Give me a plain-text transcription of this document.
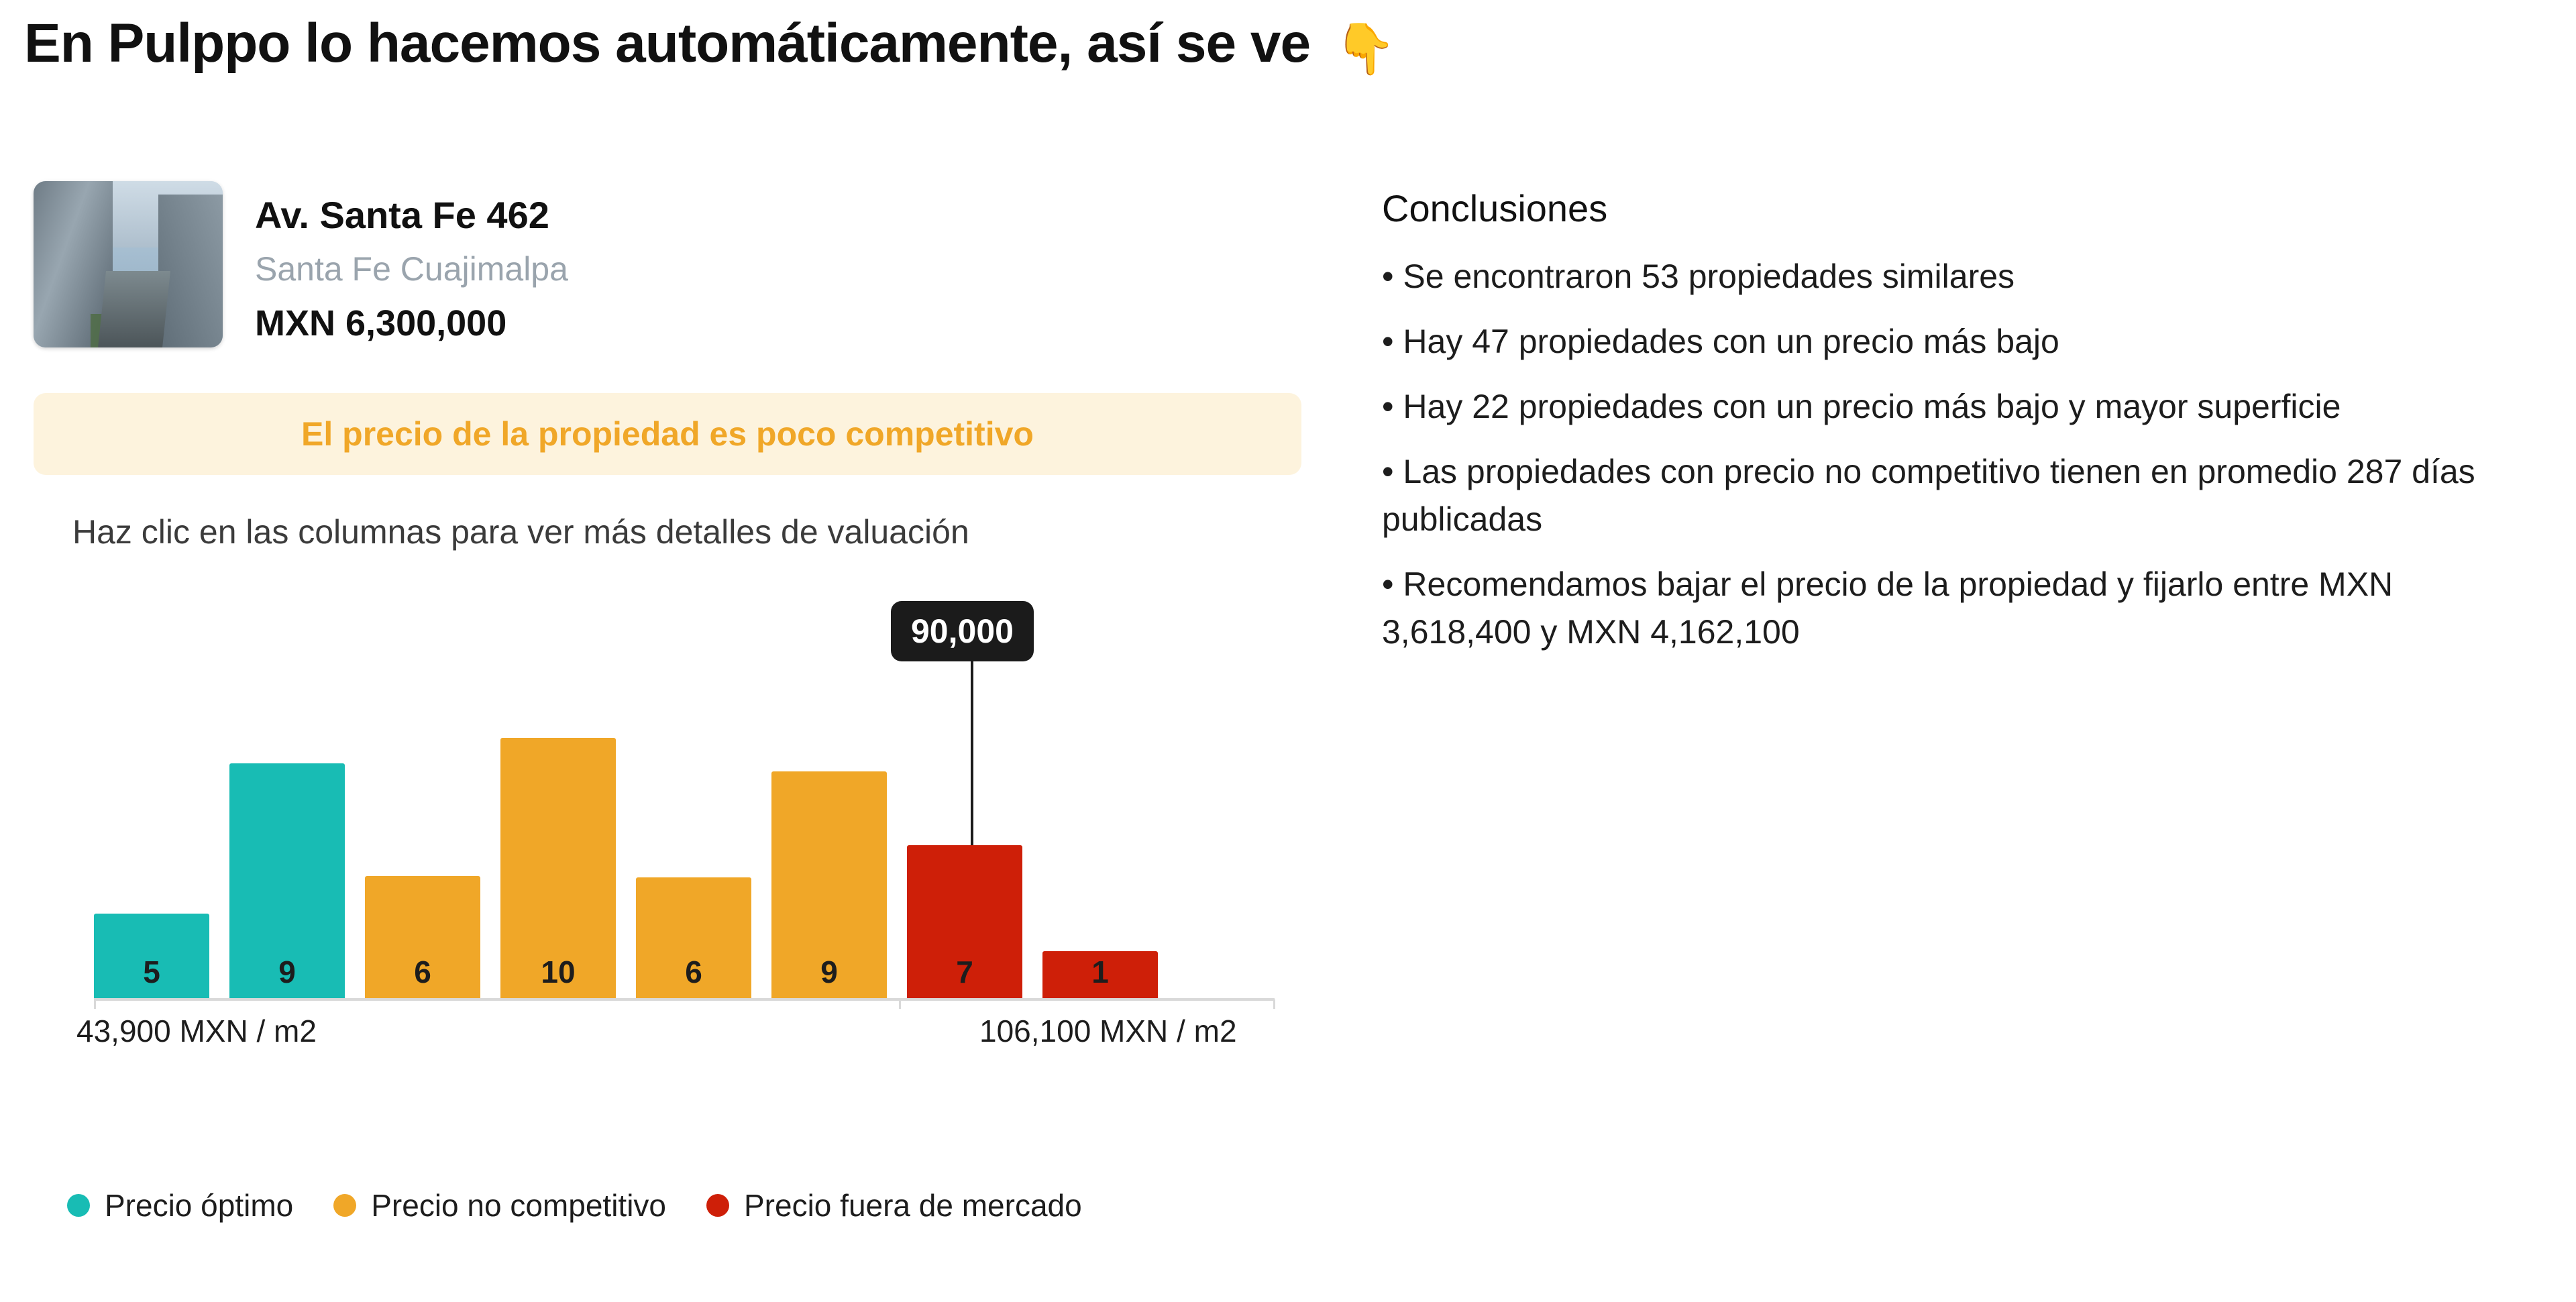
En Pulppo lo hacemos automáticamente, así se ve 👇
Av. Santa Fe 462
Santa Fe Cuajimalpa
MXN 6,300,000
El precio de la propiedad es poco competitivo
Haz clic en las columnas para ver más detalles de valuación
90,000
5	9	6	10	6	9	7	1
43,900 MXN / m2	106,100 MXN / m2
Precio óptimo	Precio no competitivo	Precio fuera de mercado
Conclusiones
• Se encontraron 53 propiedades similares
• Hay 47 propiedades con un precio más bajo
• Hay 22 propiedades con un precio más bajo y mayor superficie
• Las propiedades con precio no competitivo tienen en promedio 287 días publicadas
• Recomendamos bajar el precio de la propiedad y fijarlo entre MXN 3,618,400 y MXN 4,162,100
